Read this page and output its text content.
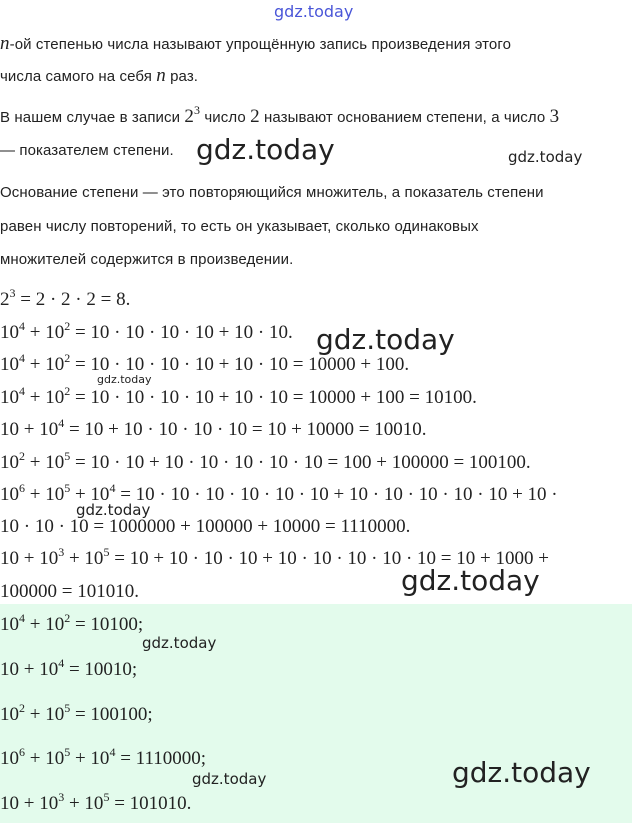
gdz.today

n-ой степенью числа называют упрощённую запись произведения этого

числа самого на себя n раз.

В нашем случае в записи $2^3$ число 2 называют основанием степени, а число 3

— показателем степени. gdz.today	gdz.today

Основание степени — это повторяющийся множитель, а показатель степени

равен числу повторений, то есть он указывает, сколько одинаковых

множителей содержится в произведении.

$2^3 = 2 \cdot 2 \cdot 2 = 8$.
$10^4 + 10^2 = 10 \cdot 10 \cdot 10 \cdot 10 + 10 \cdot 10$.
$10^4 + 10^2 = 10 \cdot 10 \cdot 10 \cdot 10 + 10 \cdot 10 = 10000 + 100$.
$10^4 + 10^2 = 10 \cdot 10 \cdot 10 \cdot 10 + 10 \cdot 10 = 10000 + 100 = 10100$.
$10 + 10^4 = 10 + 10 \cdot 10 \cdot 10 \cdot 10 = 10 + 10000 = 10010$.
$10^2 + 10^5 = 10 \cdot 10 + 10 \cdot 10 \cdot 10 \cdot 10 \cdot 10 = 100 + 100000 = 100100$.
$10^6 + 10^5 + 10^4 = 10 \cdot 10 \cdot 10 \cdot 10 \cdot 10 \cdot 10 + 10 \cdot 10 \cdot 10 \cdot 10 \cdot 10 + 10$ ·
10 · 10 · 10 = 1000000 + 100000 + 10000 = 1110000.
$10 + 10^3 + 10^5 = 10 + 10 \cdot 10 \cdot 10 + 10 \cdot 10 \cdot 10 \cdot 10 \cdot 10 = 10 + 1000$ +
100000 = 101010.
gdz.today
gdz.today
gdz.today
gdz.today
$10^4 + 10^2 = 10100$;
$10 + 10^4 = 10010$;
$10^2 + 10^5 = 100100$;
$10^6 + 10^5 + 10^4 = 1110000$;
$10 + 10^3 + 10^5 = 101010$.
gdz.today
gdz.today	gdz.today
